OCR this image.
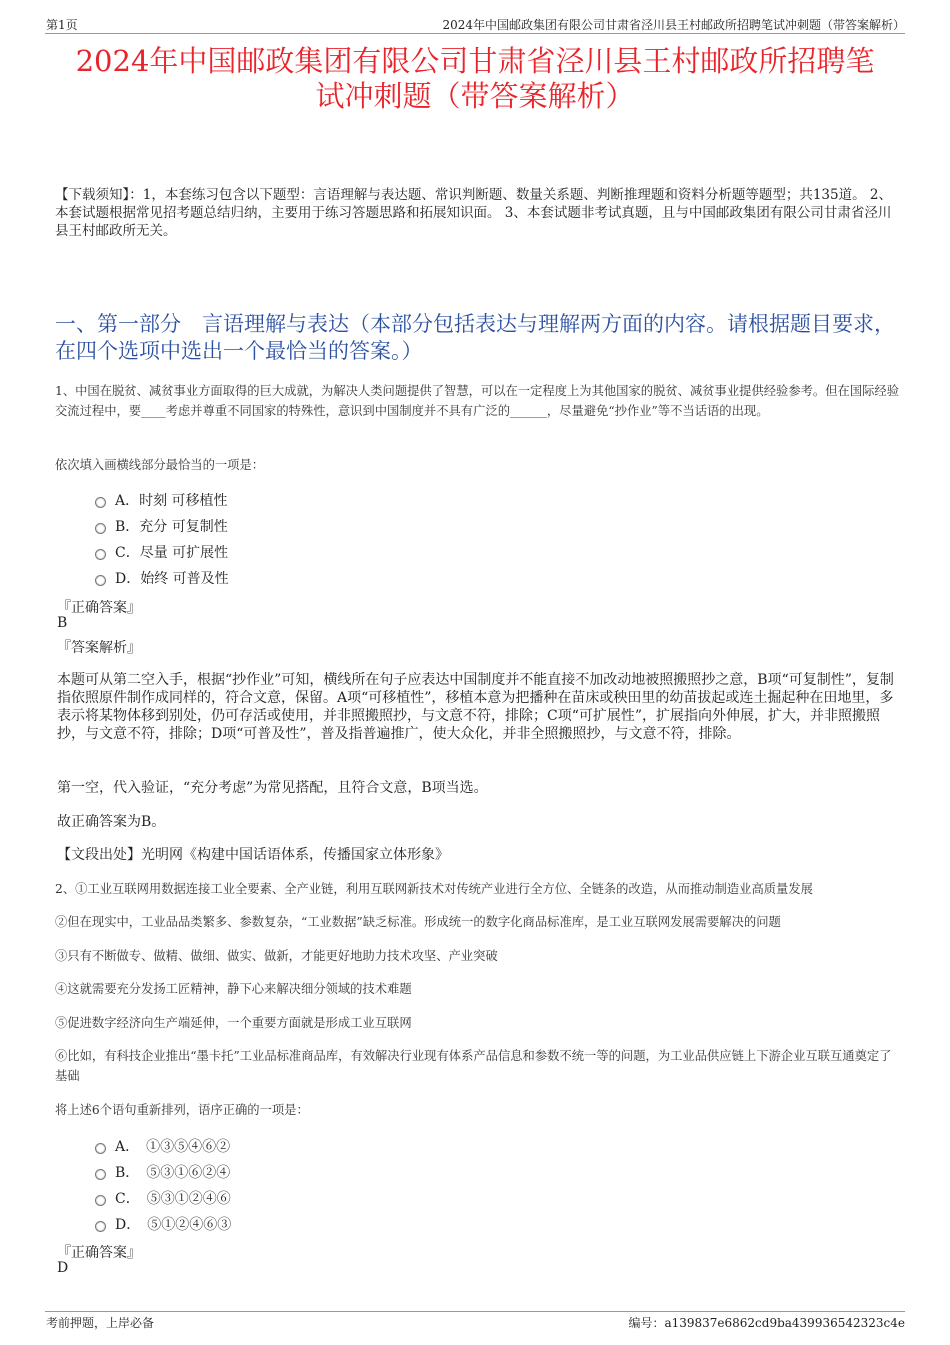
第1页	2024年中国邮政集团有限公司甘肃省泾川县王村邮政所招聘笔试冲刺题（带答案解析）
2024年中国邮政集团有限公司甘肃省泾川县王村邮政所招聘笔
试冲刺题（带答案解析）
【下载须知】：1，本套练习包含以下题型：言语理解与表达题、常识判断题、数量关系题、判断推理题和资料分析题等题型；共135道。 2、本套试题根据常见招考题总结归纳，主要用于练习答题思路和拓展知识面。 3、本套试题非考试真题，且与中国邮政集团有限公司甘肃省泾川县王村邮政所无关。
一、第一部分　言语理解与表达（本部分包括表达与理解两方面的内容。请根据题目要求，在四个选项中选出一个最恰当的答案。）
1、中国在脱贫、减贫事业方面取得的巨大成就，为解决人类问题提供了智慧，可以在一定程度上为其他国家的脱贫、减贫事业提供经验参考。但在国际经验交流过程中，要____考虑并尊重不同国家的特殊性，意识到中国制度并不具有广泛的______，尽量避免“抄作业”等不当话语的出现。
依次填入画横线部分最恰当的一项是：
A．时刻 可移植性
B．充分 可复制性
C．尽量 可扩展性
D．始终 可普及性
『正确答案』
B
『答案解析』
本题可从第二空入手，根据“抄作业”可知，横线所在句子应表达中国制度并不能直接不加改动地被照搬照抄之意，B项“可复制性”，复制指依照原件制作成同样的，符合文意，保留。A项“可移植性”，移植本意为把播种在苗床或秧田里的幼苗拔起或连土掘起种在田地里，多表示将某物体移到别处，仍可存活或使用，并非照搬照抄，与文意不符，排除；C项“可扩展性”，扩展指向外伸展，扩大，并非照搬照抄，与文意不符，排除；D项“可普及性”，普及指普遍推广，使大众化，并非全照搬照抄，与文意不符，排除。
第一空，代入验证，“充分考虑”为常见搭配，且符合文意，B项当选。
故正确答案为B。
【文段出处】光明网《构建中国话语体系，传播国家立体形象》
2、①工业互联网用数据连接工业全要素、全产业链，利用互联网新技术对传统产业进行全方位、全链条的改造，从而推动制造业高质量发展
②但在现实中，工业品品类繁多、参数复杂，“工业数据”缺乏标准。形成统一的数字化商品标准库，是工业互联网发展需要解决的问题
③只有不断做专、做精、做细、做实、做新，才能更好地助力技术攻坚、产业突破
④这就需要充分发扬工匠精神，静下心来解决细分领域的技术难题
⑤促进数字经济向生产端延伸，一个重要方面就是形成工业互联网
⑥比如，有科技企业推出“墨卡托”工业品标准商品库，有效解决行业现有体系产品信息和参数不统一等的问题，为工业品供应链上下游企业互联互通奠定了基础
将上述6个语句重新排列，语序正确的一项是：
A．　①③⑤④⑥②
B．　⑤③①⑥②④
C．　⑤③①②④⑥
D．　⑤①②④⑥③
『正确答案』
D
考前押题，上岸必备	编号：a139837e6862cd9ba439936542323c4e
